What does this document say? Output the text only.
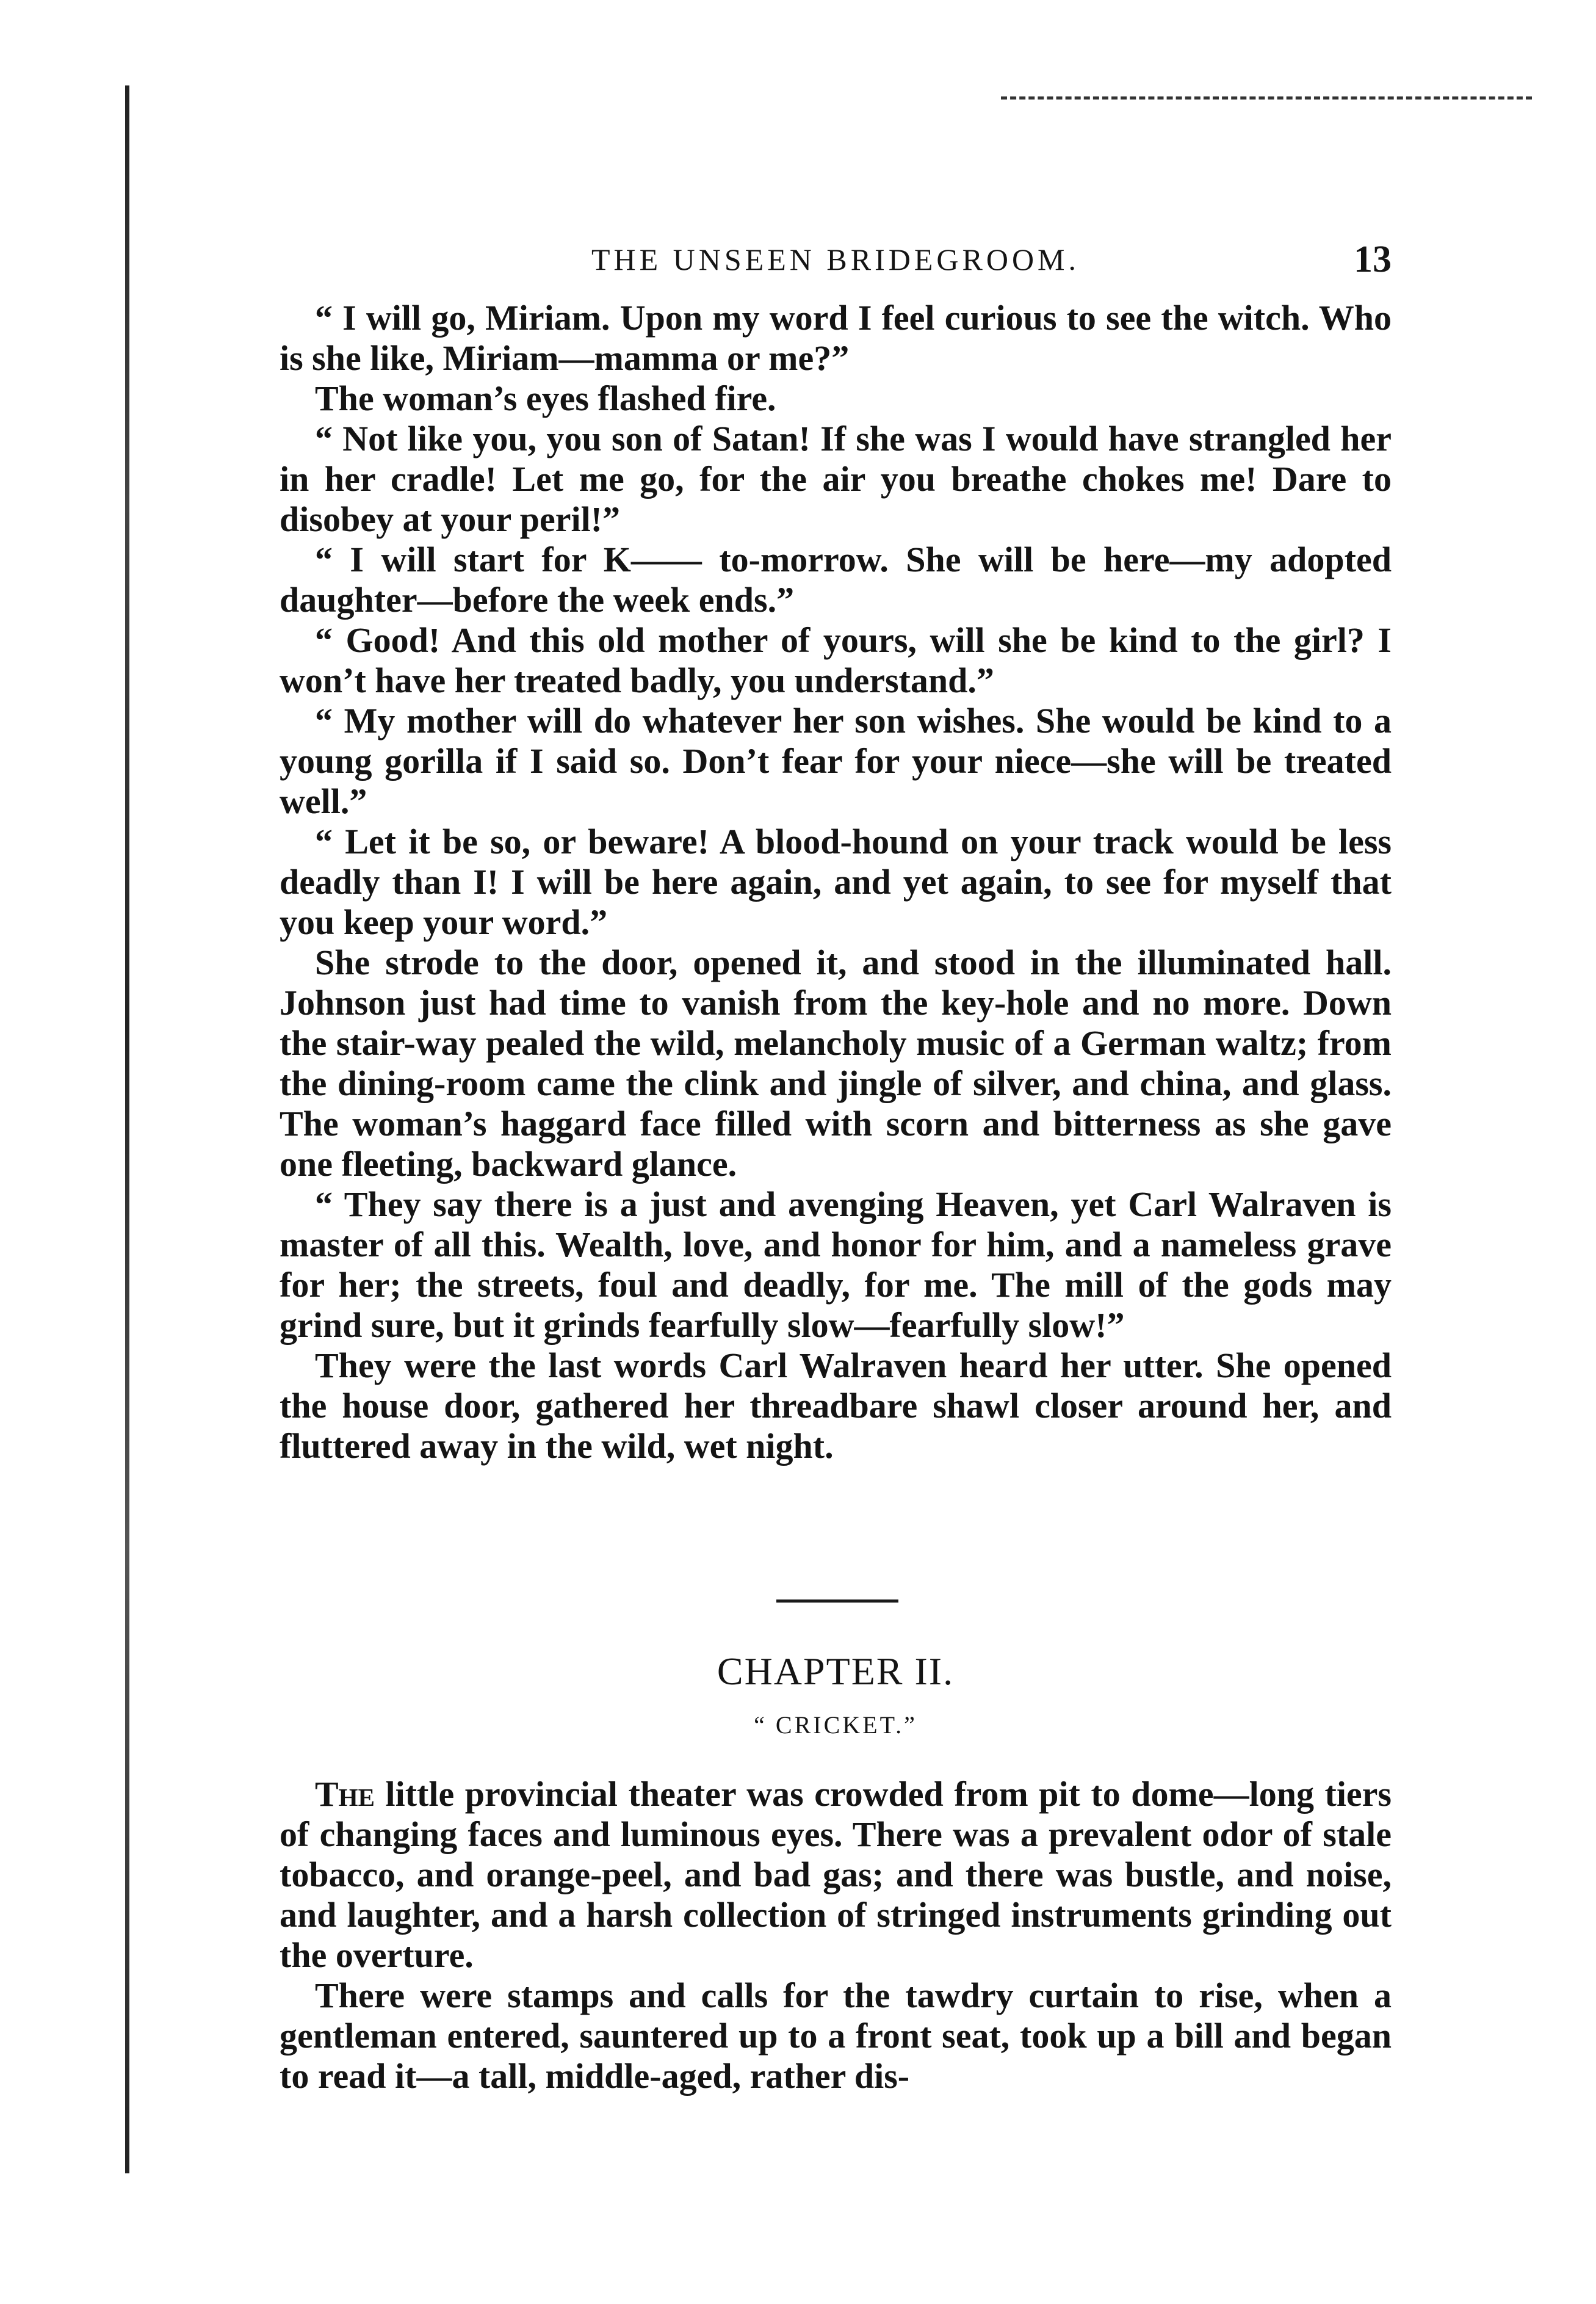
THE UNSEEN BRIDEGROOM.	13

“ I will go, Miriam. Upon my word I feel curious to see the witch. Who is she like, Miriam—mamma or me?”

The woman’s eyes flashed fire.

“ Not like you, you son of Satan! If she was I would have strangled her in her cradle! Let me go, for the air you breathe chokes me! Dare to disobey at your peril!”

“ I will start for K—— to-morrow. She will be here—my adopted daughter—before the week ends.”

“ Good! And this old mother of yours, will she be kind to the girl? I won’t have her treated badly, you understand.”

“ My mother will do whatever her son wishes. She would be kind to a young gorilla if I said so. Don’t fear for your niece—she will be treated well.”

“ Let it be so, or beware! A blood-hound on your track would be less deadly than I! I will be here again, and yet again, to see for myself that you keep your word.”

She strode to the door, opened it, and stood in the illuminated hall. Johnson just had time to vanish from the key-hole and no more. Down the stair-way pealed the wild, melancholy music of a German waltz; from the dining-room came the clink and jingle of silver, and china, and glass. The woman’s haggard face filled with scorn and bitterness as she gave one fleeting, backward glance.

“ They say there is a just and avenging Heaven, yet Carl Walraven is master of all this. Wealth, love, and honor for him, and a nameless grave for her; the streets, foul and deadly, for me. The mill of the gods may grind sure, but it grinds fearfully slow—fearfully slow!”

They were the last words Carl Walraven heard her utter. She opened the house door, gathered her threadbare shawl closer around her, and fluttered away in the wild, wet night.

CHAPTER II.
“ CRICKET.”

The little provincial theater was crowded from pit to dome—long tiers of changing faces and luminous eyes. There was a prevalent odor of stale tobacco, and orange-peel, and bad gas; and there was bustle, and noise, and laughter, and a harsh collection of stringed instruments grinding out the overture.

There were stamps and calls for the tawdry curtain to rise, when a gentleman entered, sauntered up to a front seat, took up a bill and began to read it—a tall, middle-aged, rather dis-
